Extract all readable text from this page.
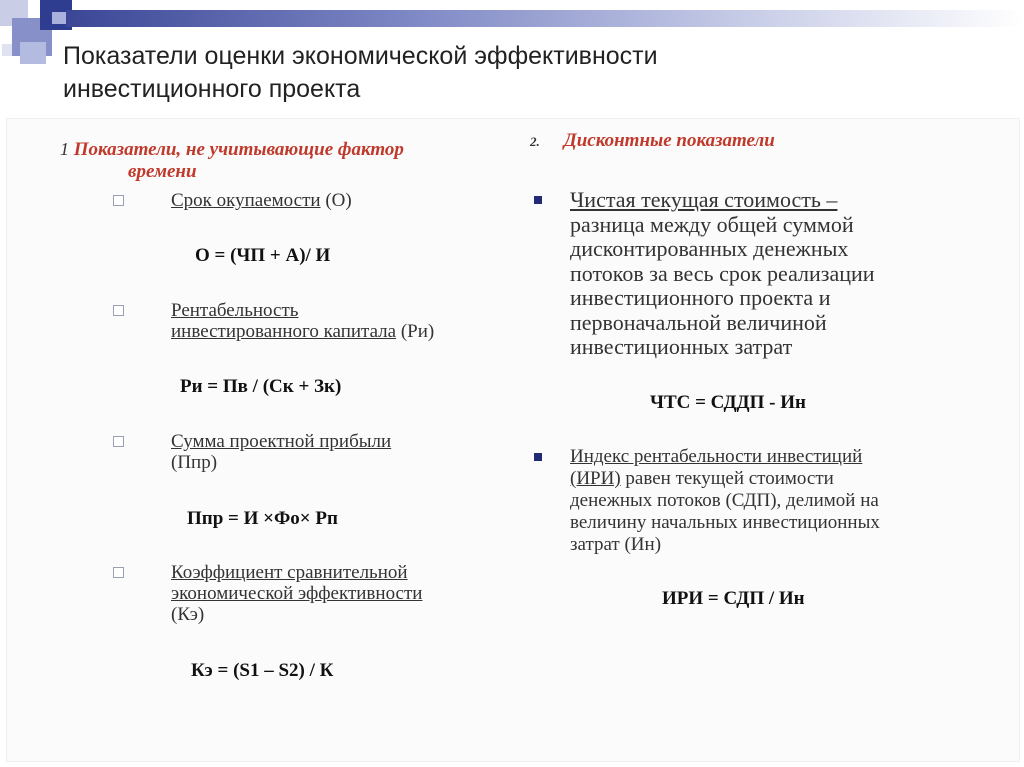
Показатели оценки экономической эффективности
инвестиционного проекта
1 Показатели, не учитывающие фактор
времени
Срок окупаемости (О)
О = (ЧП + А)/ И
Рентабельность
инвестированного капитала (Ри)
Ри = Пв / (Ск + Зк)
Сумма проектной прибыли
(Ппр)
Ппр = И ×Фо× Рп
Коэффициент сравнительной
экономической эффективности
(Кэ)
Кэ = (S1 – S2) / К
2. Дисконтные показатели
Чистая текущая стоимость –
разница между общей суммой
дисконтированных денежных
потоков за весь срок реализации
инвестиционного проекта и
первоначальной величиной
инвестиционных затрат
ЧТС = СДДП - Ин
Индекс рентабельности инвестиций
(ИРИ) равен текущей стоимости
денежных потоков (СДП), делимой на
величину начальных инвестиционных
затрат (Ин)
ИРИ = СДП / Ин
